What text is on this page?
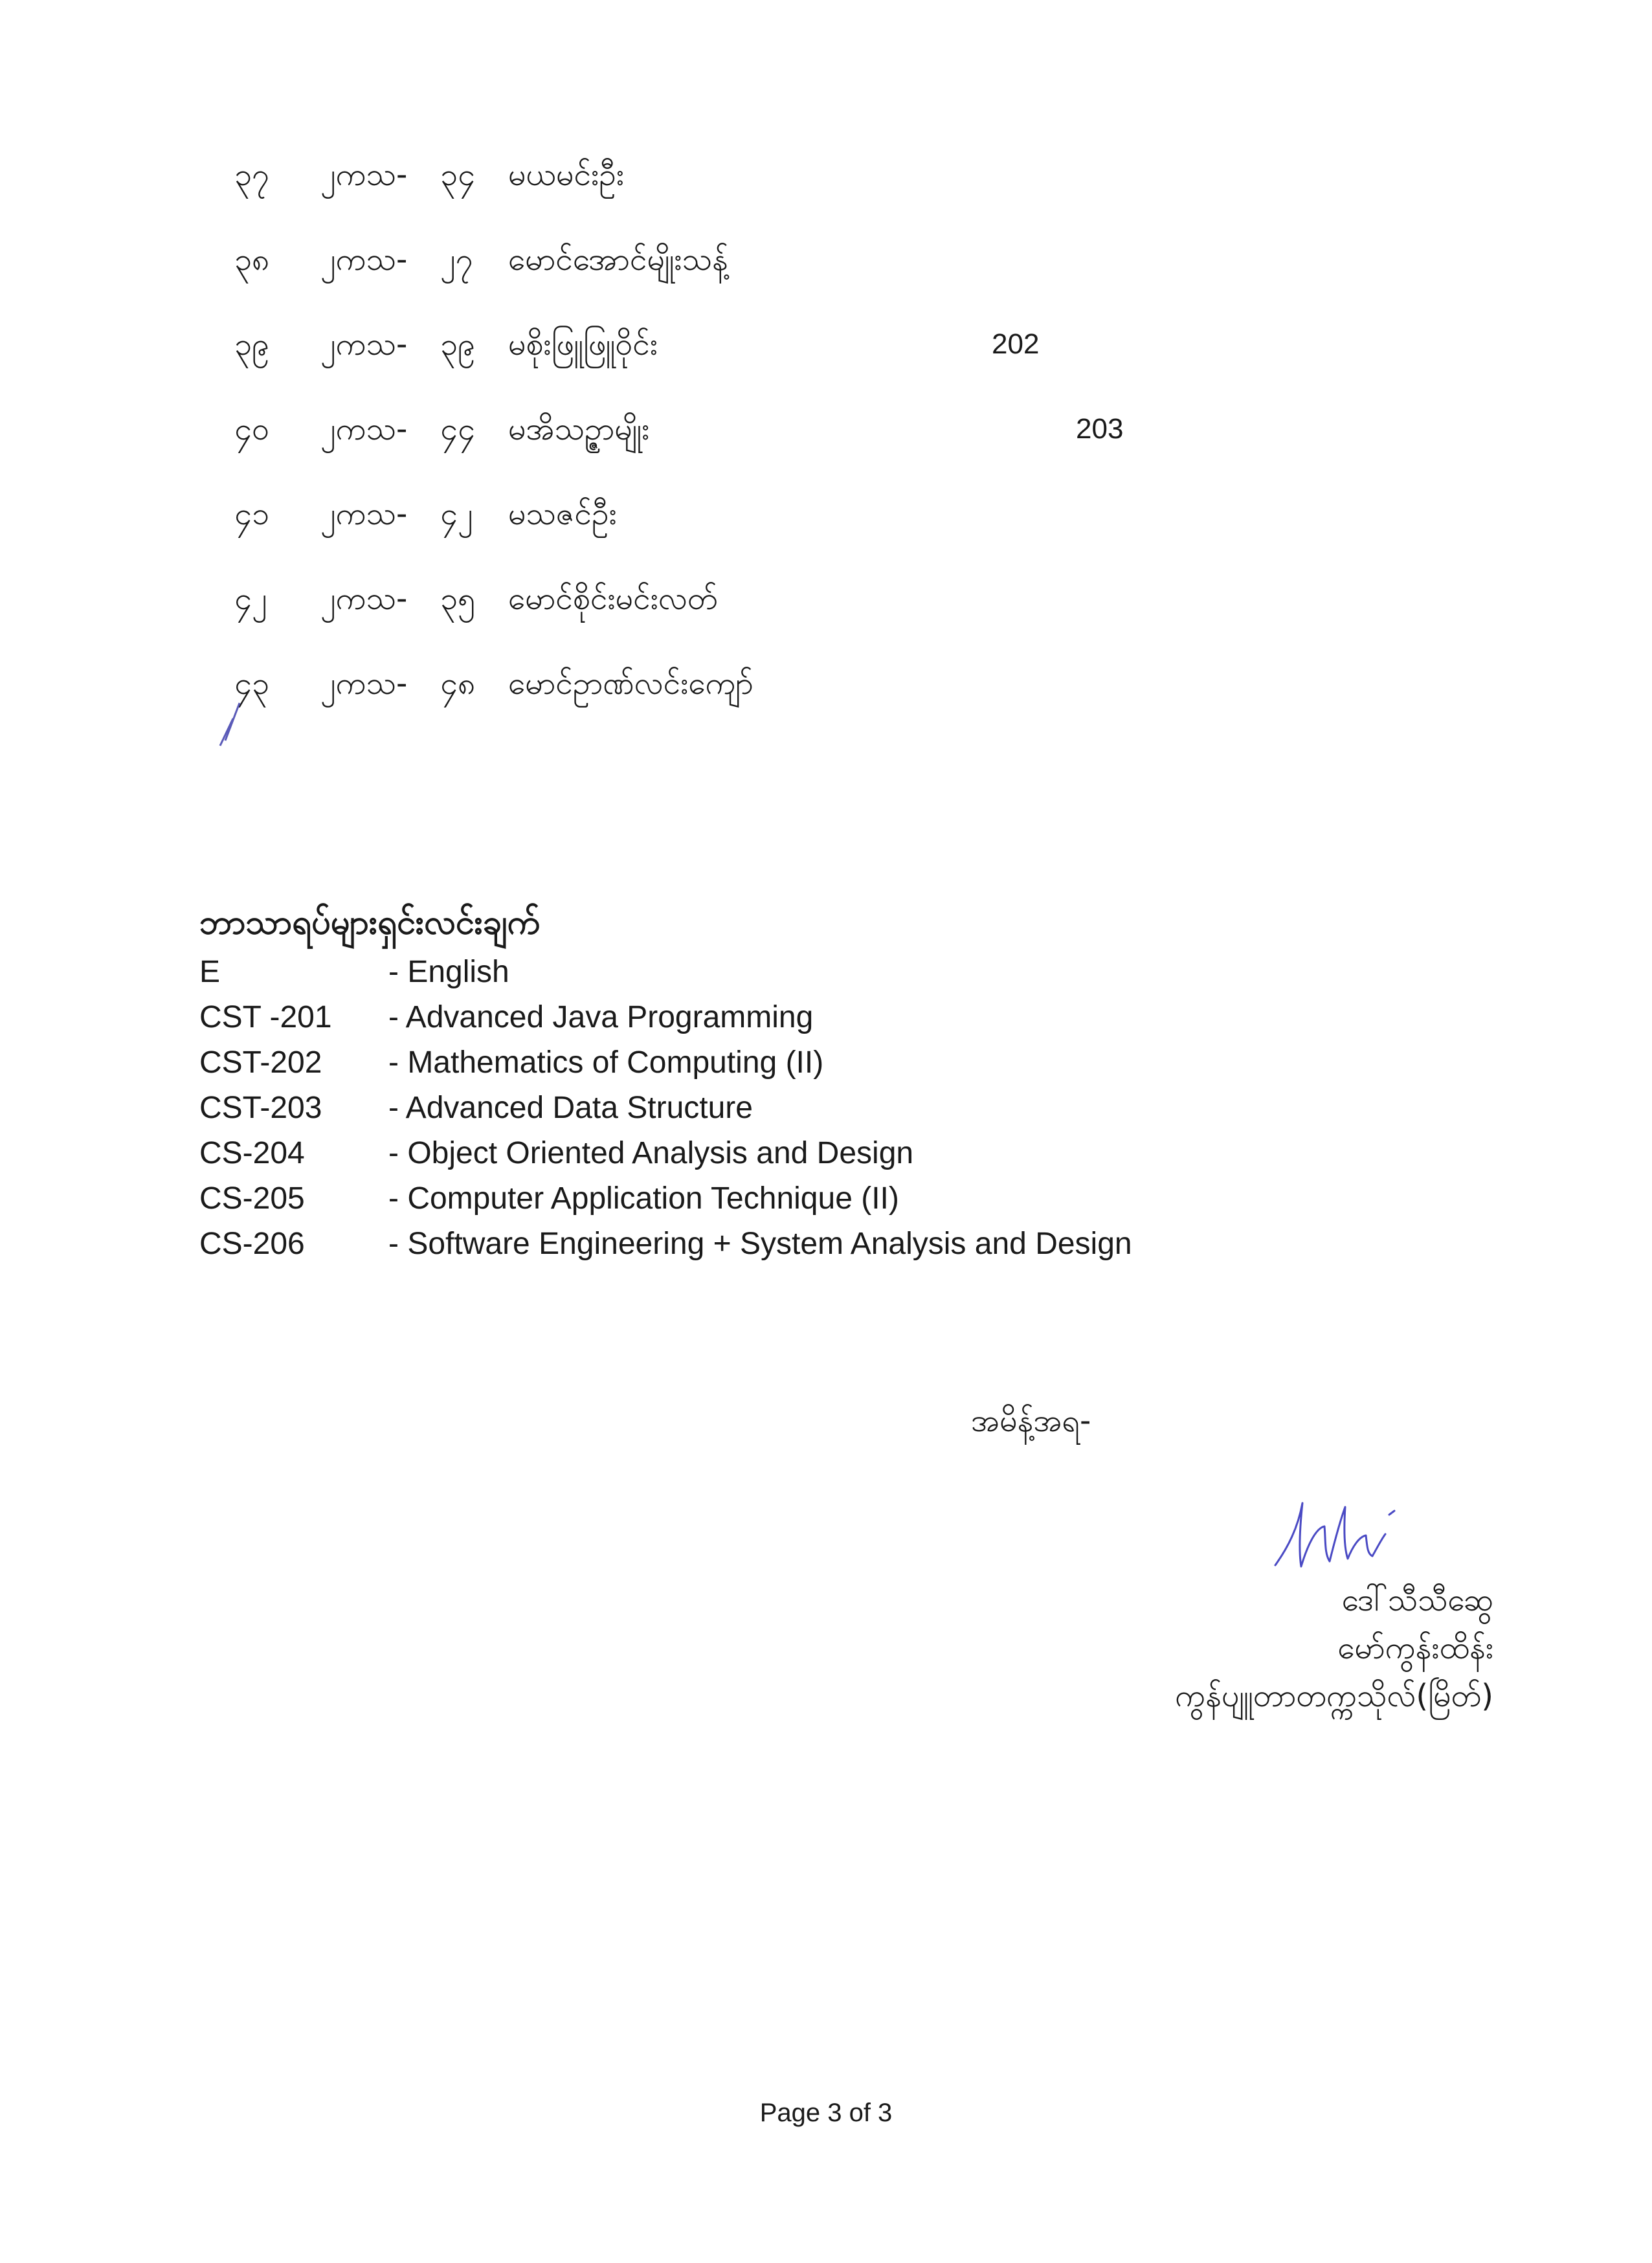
၃၇ ၂ကသ- ၃၄ မယမင်းဦး
၃၈ ၂ကသ- ၂၇ မောင်အောင်မျိုးသန့်
၃၉ ၂ကသ- ၃၉ မစိုးဖြူဖြူဝိုင်း	202
၄၀ ၂ကသ- ၄၄ မအိသဥ္ဇာမျိုး	203
၄၁ ၂ကသ- ၄၂ မသဇင်ဦး
၄၂ ၂ကသ- ၃၅ မောင်စိုင်းမင်းလတ်
၄၃ ၂ကသ- ၄၈ မောင်ဥာဏ်လင်းကျော်
ဘာသာရပ်များရှင်းလင်းချက်
E	- English
CST -201 - Advanced Java Programming
CST-202 - Mathematics of Computing (II)
CST-203 - Advanced Data Structure
CS-204	- Object Oriented Analysis and Design
CS-205	- Computer Application Technique (II)
CS-206	- Software Engineering + System Analysis and Design
အမိန့်အရ-
ဒေါ်သီသီဆွေ
မော်ကွန်းထိန်း
ကွန်ပျူတာတက္ကသိုလ်(မြိတ်)
Page 3 of 3
